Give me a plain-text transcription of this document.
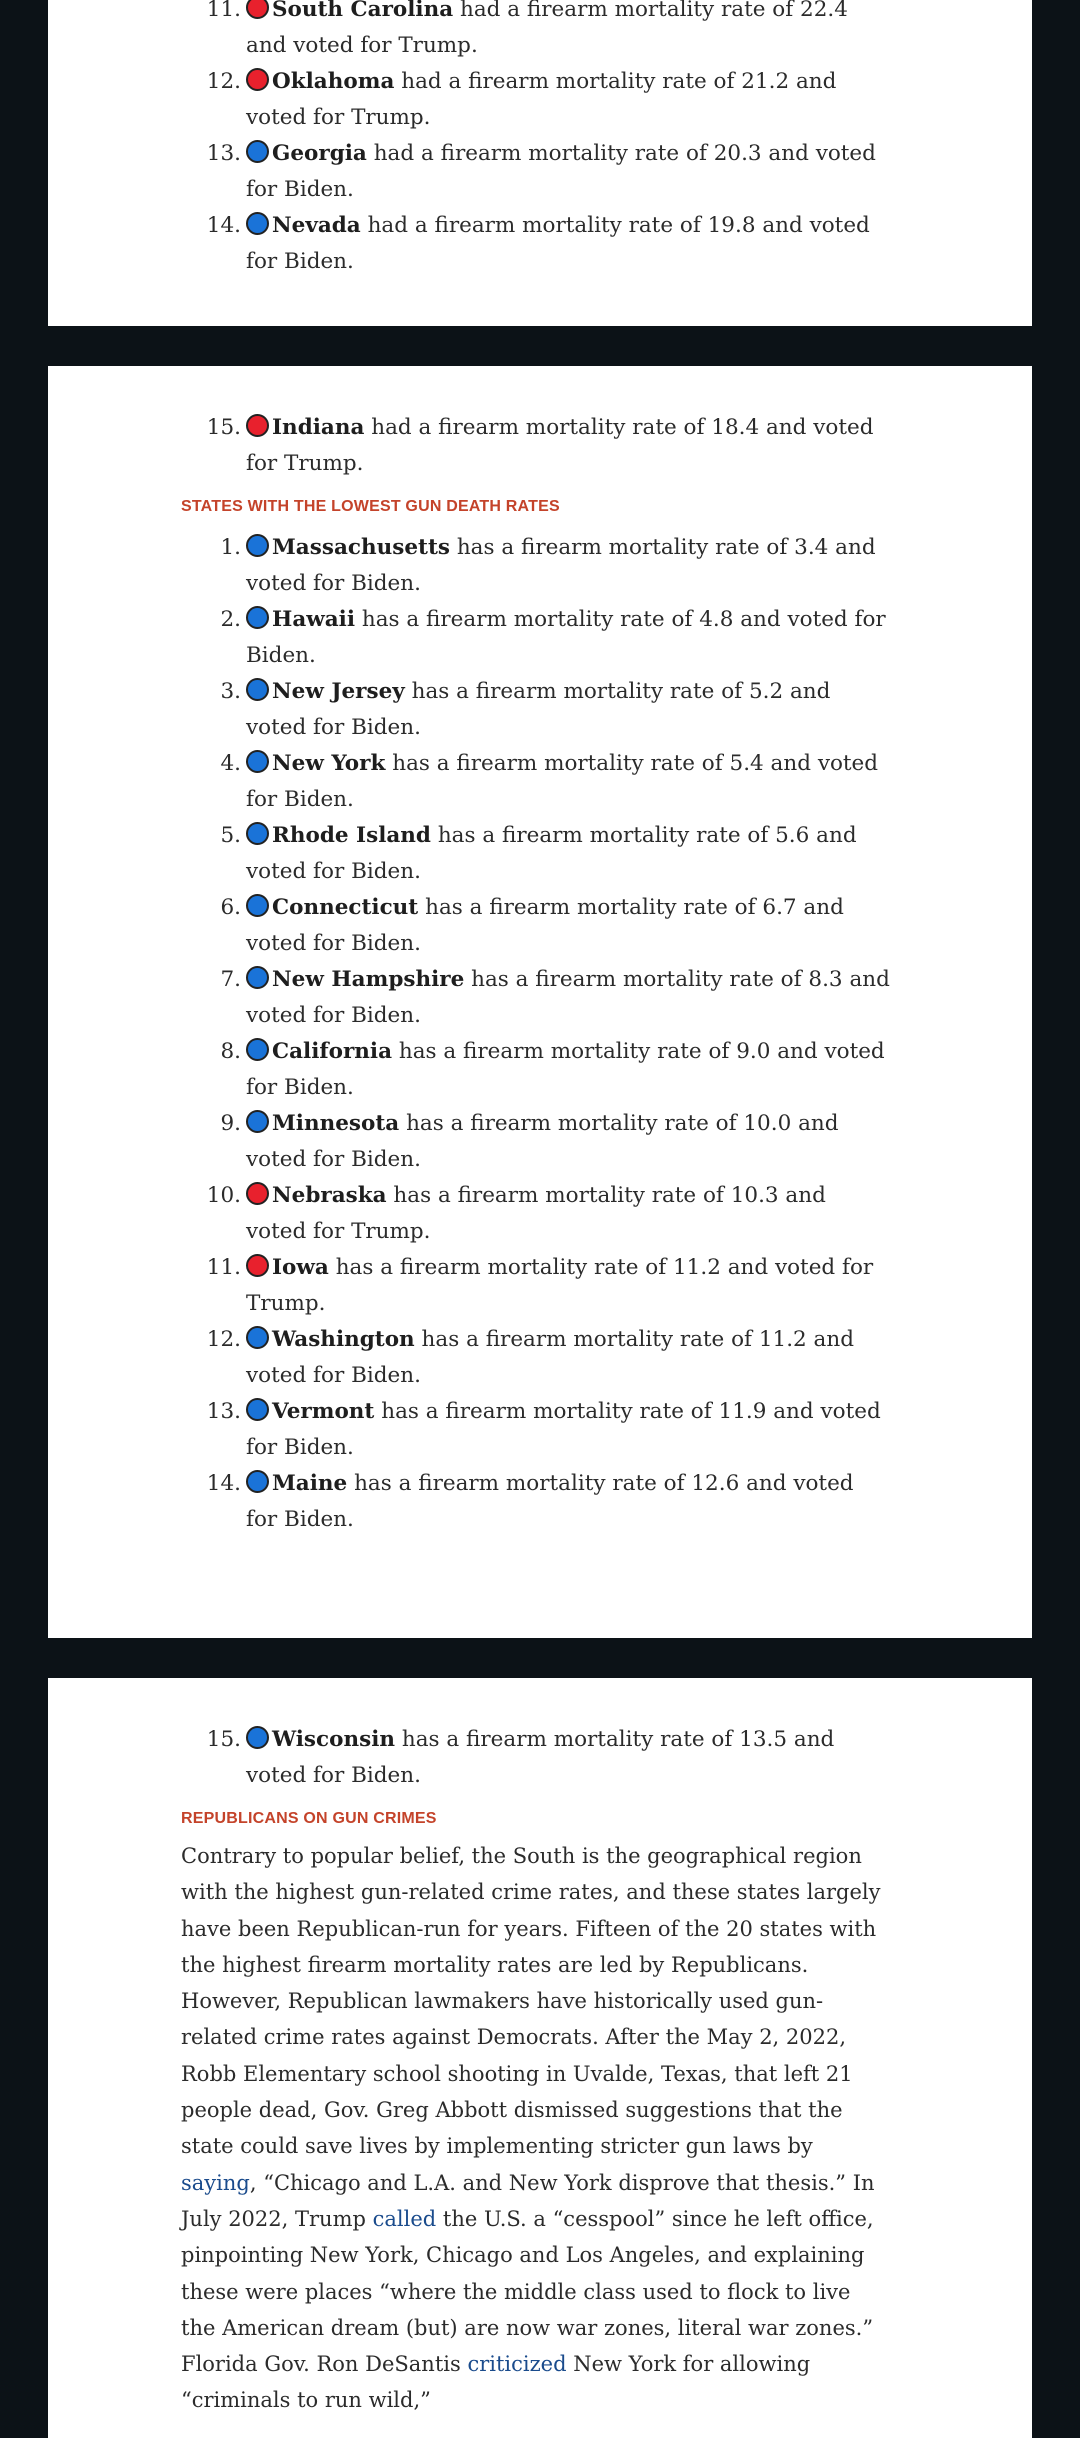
11. South Carolina had a firearm mortality rate of 22.4 and voted for Trump.
12. Oklahoma had a firearm mortality rate of 21.2 and voted for Trump.
13. Georgia had a firearm mortality rate of 20.3 and voted for Biden.
14. Nevada had a firearm mortality rate of 19.8 and voted for Biden.
15. Indiana had a firearm mortality rate of 18.4 and voted for Trump.

STATES WITH THE LOWEST GUN DEATH RATES

1. Massachusetts has a firearm mortality rate of 3.4 and voted for Biden.
2. Hawaii has a firearm mortality rate of 4.8 and voted for Biden.
3. New Jersey has a firearm mortality rate of 5.2 and voted for Biden.
4. New York has a firearm mortality rate of 5.4 and voted for Biden.
5. Rhode Island has a firearm mortality rate of 5.6 and voted for Biden.
6. Connecticut has a firearm mortality rate of 6.7 and voted for Biden.
7. New Hampshire has a firearm mortality rate of 8.3 and voted for Biden.
8. California has a firearm mortality rate of 9.0 and voted for Biden.
9. Minnesota has a firearm mortality rate of 10.0 and voted for Biden.
10. Nebraska has a firearm mortality rate of 10.3 and voted for Trump.
11. Iowa has a firearm mortality rate of 11.2 and voted for Trump.
12. Washington has a firearm mortality rate of 11.2 and voted for Biden.
13. Vermont has a firearm mortality rate of 11.9 and voted for Biden.
14. Maine has a firearm mortality rate of 12.6 and voted for Biden.
15. Wisconsin has a firearm mortality rate of 13.5 and voted for Biden.

REPUBLICANS ON GUN CRIMES

Contrary to popular belief, the South is the geographical region with the highest gun-related crime rates, and these states largely have been Republican-run for years. Fifteen of the 20 states with the highest firearm mortality rates are led by Republicans. However, Republican lawmakers have historically used gun-related crime rates against Democrats. After the May 2, 2022, Robb Elementary school shooting in Uvalde, Texas, that left 21 people dead, Gov. Greg Abbott dismissed suggestions that the state could save lives by implementing stricter gun laws by saying, “Chicago and L.A. and New York disprove that thesis.” In July 2022, Trump called the U.S. a “cesspool” since he left office, pinpointing New York, Chicago and Los Angeles, and explaining these were places “where the middle class used to flock to live the American dream (but) are now war zones, literal war zones.” Florida Gov. Ron DeSantis criticized New York for allowing “criminals to run wild,”
